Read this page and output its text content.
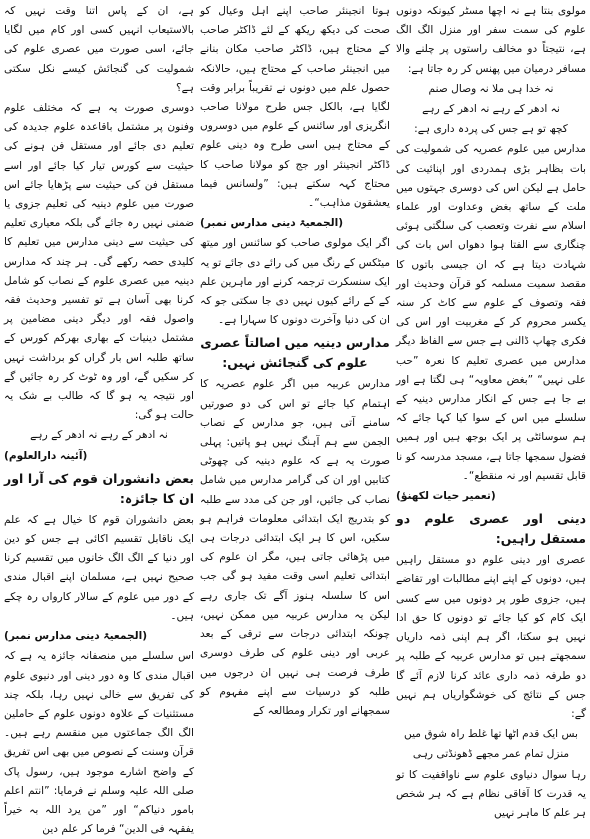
مولوی بنتا ہے نہ اچھا مسٹر کیونکہ دونوں علوم کی سمت سفر اور منزل الگ الگ ہے، نتیجتاً دو مخالف راستوں پر چلنے والا مسافر درمیان میں پھنس کر رہ جاتا ہے:

نہ خدا ہی ملا نہ وصال صنم

نہ ادھر کے رہے نہ ادھر کے رہے

کچھ تو ہے جس کی پردہ داری ہے:

مدارس میں علوم عصریہ کی شمولیت کی بات بظاہر بڑی ہمدردی اور اپنائیت کی حامل ہے لیکن اس کی دوسری جہتوں میں ملت کے ساتھ بغض وعداوت اور علماء اسلام سے نفرت وتعصب کی سلگتی ہوئی چنگاری سے الفتا ہوا دھواں اس بات کی شہادت دیتا ہے کہ ان جیسی باتوں کا مقصد سمیت مسلمہ کو قرآن وحدیث اور فقہ وتصوف کے علوم سے کاٹ کر سنہ یکسر محروم کر کے مغربیت اور اس کی فکری چھاپ ڈالنی ہے جس سے الفاظ دیگر مدارس میں عصری تعلیم کا نعرہ ”حب علی نہیں“ ”بغض معاویہ“ ہی لگتا ہے اور بے جا ہے جس کے انکار مدارس دینیہ کے سلسلے میں اس کے سوا کیا کہا جائے کہ ہم سوسائٹی پر ایک بوجھ ہیں اور ہمیں فضول سمجھا جاتا ہے، مسجد مدرسہ کو نا قابل تقسیم اور نہ منقطع“۔

(تعمیر حیات لکھنؤ)

دینی اور عصری علوم دو مستقل راہیں:

عصری اور دینی علوم دو مستقل راہیں ہیں، دونوں کے اپنے اپنے مطالبات اور تقاضے ہیں، جزوی طور پر دونوں میں سے کسی ایک کام کو کیا جائے تو دونوں کا حق ادا نہیں ہو سکتا، اگر ہم اپنی ذمہ داریاں سمجھتے ہیں تو مدارس عربیہ کے طلبہ پر دو طرفہ ذمہ داری عائد کرنا لازم آئے گا جس کے نتائج کی خوشگواریاں ہم نہیں گے:

بس ایک قدم اٹھا تھا غلط راہ شوق میں

منزل تمام عمر مجھے ڈھونڈتی رہی

رہا سوال دنیاوی علوم سے ناواقفیت کا تو یہ قدرت کا آفاقی نظام ہے کہ ہر شخص ہر علم کا ماہر نہیں

ہوتا انجینئر صاحب اپنے اہل وعیال کو صحت کی دیکھ ریکھ کے لئے ڈاکٹر صاحب کے محتاج ہیں، ڈاکٹر صاحب مکان بنانے میں انجینئر صاحب کے محتاج ہیں، حالانکہ حصول علم میں دونوں نے تقریباً برابر وقت لگایا ہے، بالکل جس طرح مولانا صاحب انگریزی اور سائنس کے علوم میں دوسروں کے محتاج ہیں اسی طرح وہ دینی علوم ڈاکٹر انجینئر اور جج کو مولانا صاحب کا محتاج کہہ سکتے ہیں: ”ولسانس فیما یعشقون مذاہب“۔

(الجمعیۃ دینی مدارس نمبر)

اگر ایک مولوی صاحب کو سائنس اور میتھ میٹکس کے رنگ میں کی رائے دی جائے تو یہ ایک سنسکرت ترجمہ کرنے اور ماہرین علم کے کے رائے کیوں نہیں دی جا سکتی جو کہ ان کی دنیا وآخرت دونوں کا سہارا ہے۔

مدارس دینیہ میں اصالتاً عصری علوم کی گنجائش نہیں:

مدارس عربیہ میں اگر علوم عصریہ کا اہتمام کیا جائے تو اس کی دو صورتیں سامنے آتی ہیں، جو مدارس کے نصاب الجمن سے ہم آہنگ نہیں ہو پاتیں: پہلی صورت یہ ہے کہ علوم دینیہ کی چھوٹی کتابیں اور ان کی گرامر مدارس میں شامل نصاب کی جائیں، اور جن کی مدد سے طلبہ کو بتدریج ایک ابتدائی معلومات فراہم ہو سکیں، اس کا ہر ایک ابتدائی درجات ہی میں پڑھائی جاتی ہیں، مگر ان علوم کی ابتدائی تعلیم اسی وقت مفید ہو گی جب اس کا سلسلہ ہنوز آگے تک جاری رہے لیکن یہ مدارس عربیہ میں ممکن نہیں، چونکہ ابتدائی درجات سے ترقی کے بعد عربی اور دینی علوم کی طرف دوسری طرف فرصت ہی نہیں ان درجوں میں طلبہ کو درسیات سے اپنے مفہوم کو سمجھانے اور تکرار ومطالعہ کے

ہے، ان کے پاس اتنا وقت نہیں کہ بالاستیعاب انہیں کسی اور کام میں لگایا جائے، اسی صورت میں عصری علوم کی شمولیت کی گنجائش کیسے نکل سکتی ہے؟

دوسری صورت یہ ہے کہ مختلف علوم وفنون پر مشتمل باقاعدہ علوم جدیدہ کی تعلیم دی جائے اور مستقل فن ہونے کی حیثیت سے کورس تیار کیا جائے اور اسے مستقل فن کی حیثیت سے پڑھایا جائے اس صورت میں علوم دینیہ کی تعلیم جزوی یا ضمنی نہیں رہ جائے گی بلکہ معیاری تعلیم کی حیثیت سے دینی مدارس میں تعلیم کا کلیدی حصہ رکھے گی۔ ہر چند کہ مدارس دینیہ میں عصری علوم کے نصاب کو شامل کرنا بھی آسان ہے تو تفسیر وحدیث فقہ واصول فقہ اور دیگر دینی مضامین پر مشتمل دینیات کے بھاری بھرکم کورس کے ساتھ طلبہ اس بار گراں کو برداشت نہیں کر سکیں گے، اور وہ ٹوٹ کر رہ جائیں گے اور نتیجہ یہ ہو گا کہ طالب بے شک یہ حالت ہو گی:

نہ ادھر کے رہے نہ ادھر کے رہے

(آئینہ دارالعلوم)

بعض دانشوران قوم کی آرا اور ان کا جائزہ:

بعض دانشوران قوم کا خیال ہے کہ علم ایک ناقابل تقسیم اکائی ہے جس کو دین اور دنیا کے الگ الگ خانوں میں تقسیم کرنا صحیح نہیں ہے، مسلمان اپنے اقبال مندی کے دور میں علوم کے سالار کارواں رہ چکے ہیں۔

(الجمعیۃ دینی مدارس نمبر)

اس سلسلے میں منصفانہ جائزہ یہ ہے کہ اقبال مندی کا وہ دور دینی اور دنیوی علوم کی تفریق سے خالی نہیں رہا، بلکہ چند مستثنیات کے علاوہ دونوں علوم کے حاملین الگ الگ جماعتوں میں منقسم رہے ہیں۔ قرآن وسنت کے نصوص میں بھی اس تفریق کے واضح اشارے موجود ہیں، رسول پاک صلی اللہ علیہ وسلم نے فرمایا: ”انتم اعلم بامور دنیاکم“ اور ”من یرد اللہ بہ خیراً یفقہہ فی الدین“ فرما کر علم دین
